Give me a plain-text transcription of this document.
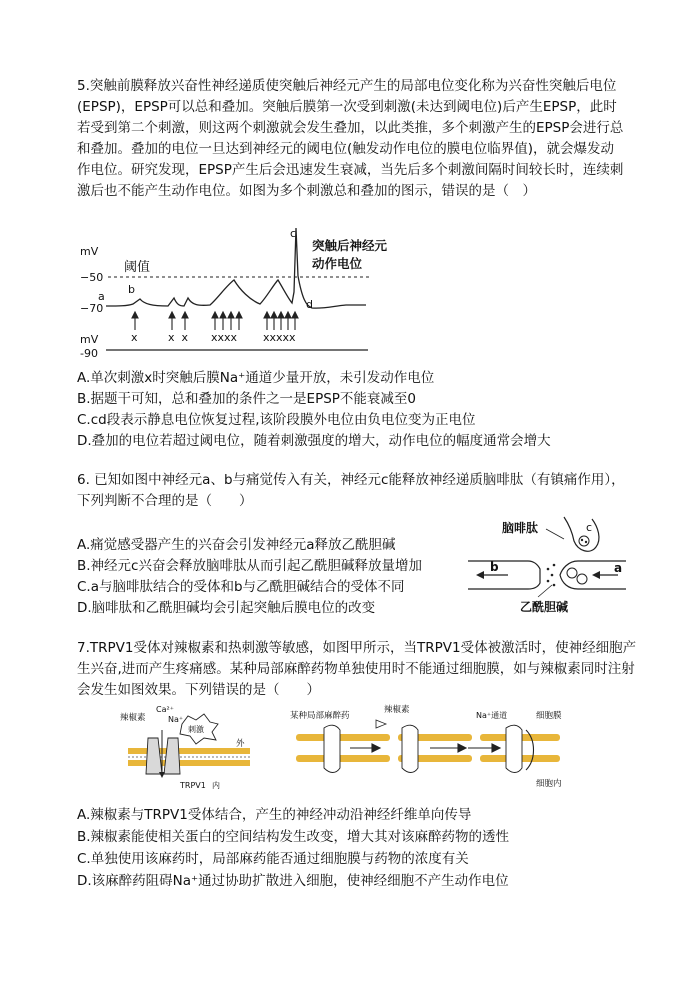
5.突触前膜释放兴奋性神经递质使突触后神经元产生的局部电位变化称为兴奋性突触后电位(EPSP)，EPSP可以总和叠加。突触后膜第一次受到刺激(未达到阈电位)后产生EPSP，此时若受到第二个刺激，则这两个刺激就会发生叠加，以此类推，多个刺激产生的EPSP会进行总和叠加。叠加的电位一旦达到神经元的阈电位(触发动作电位的膜电位临界值)，就会爆发动作电位。研究发现，EPSP产生后会迅速发生衰减，当先后多个刺激间隔时间较长时，连续刺激后也不能产生动作电位。如图为多个刺激总和叠加的图示，错误的是（　）

mV
−50
−70
mV
-90
阈值
a
b
c
d
突触后神经元
动作电位
x	x  x xxxx xxxxx
A.单次刺激x时突触后膜Na⁺通道少量开放，未引发动作电位
B.据题干可知，总和叠加的条件之一是EPSP不能衰减至0
C.cd段表示静息电位恢复过程,该阶段膜外电位由负电位变为正电位
D.叠加的电位若超过阈电位，随着刺激强度的增大，动作电位的幅度通常会增大

6. 已知如图中神经元a、b与痛觉传入有关，神经元c能释放神经递质脑啡肽（有镇痛作用），下列判断不合理的是（　　）

A.痛觉感受器产生的兴奋会引发神经元a释放乙酰胆碱
B.神经元c兴奋会释放脑啡肽从而引起乙酰胆碱释放量增加
C.a与脑啡肽结合的受体和b与乙酰胆碱结合的受体不同
D.脑啡肽和乙酰胆碱均会引起突触后膜电位的改变
脑啡肽	c
a
b
乙酰胆碱

7.TRPV1受体对辣椒素和热刺激等敏感，如图甲所示，当TRPV1受体被激活时，使神经细胞产生兴奋,进而产生疼痛感。某种局部麻醉药物单独使用时不能通过细胞膜，如与辣椒素同时注射会发生如图效果。下列错误的是（　　）

辣椒素
Ca²⁺
Na⁺
刺激
外
TRPV1 内
某种局部麻醉药
辣椒素
Na⁺通道	细胞膜
细胞内
A.辣椒素与TRPV1受体结合，产生的神经冲动沿神经纤维单向传导
B.辣椒素能使相关蛋白的空间结构发生改变，增大其对该麻醉药物的透性
C.单独使用该麻药时，局部麻药能否通过细胞膜与药物的浓度有关
D.该麻醉药阻碍Na⁺通过协助扩散进入细胞，使神经细胞不产生动作电位
